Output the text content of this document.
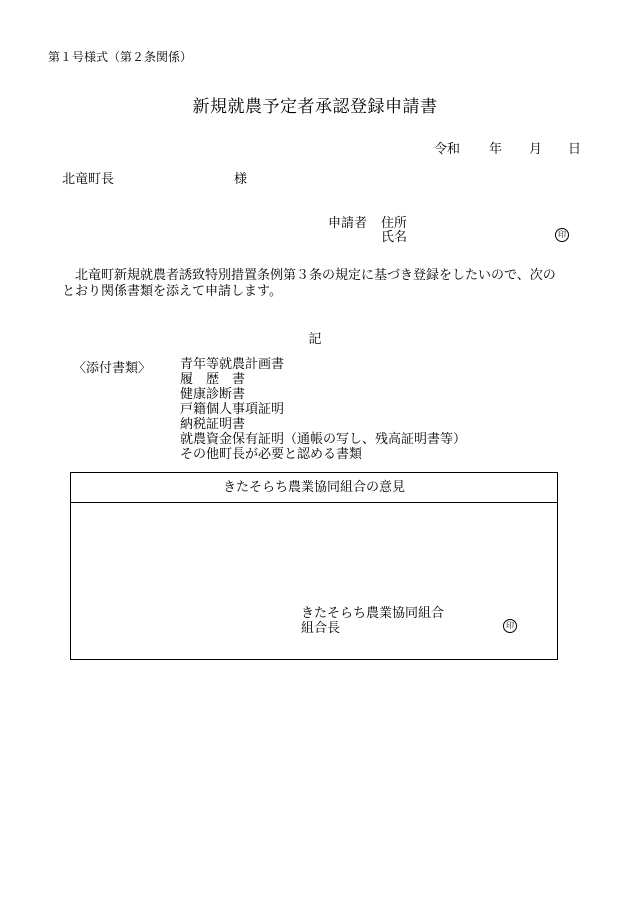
第１号様式（第２条関係）
新規就農予定者承認登録申請書
令和 年 月 日
北竜町長	様
申請者 住所
氏名	印
　北竜町新規就農者誘致特別措置条例第３条の規定に基づき登録をしたいので、次の
とおり関係書類を添えて申請します。
記
〈添付書類〉 青年等就農計画書
履　歴　書
健康診断書
戸籍個人事項証明
納税証明書
就農資金保有証明（通帳の写し、残高証明書等）
その他町長が必要と認める書類
きたそらち農業協同組合の意見
きたそらち農業協同組合
組合長	印
